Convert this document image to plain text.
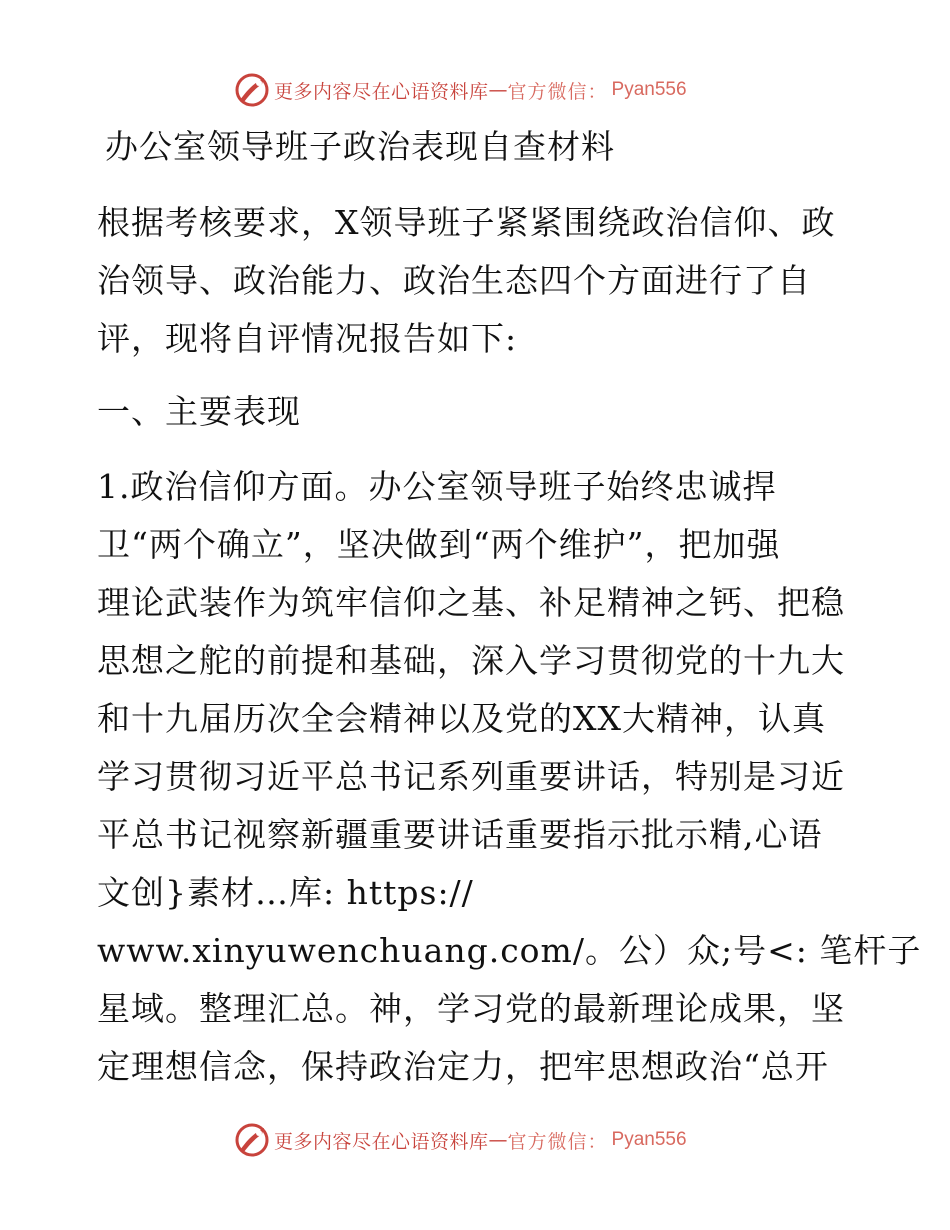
更多内容尽在心语资料库 — 官方微信： Pyan556
办公室领导班子政治表现自查材料
根据考核要求，X领导班子紧紧围绕政治信仰、政
治领导、政治能力、政治生态四个方面进行了自
评，现将自评情况报告如下:
一、主要表现
1.政治信仰方面。办公室领导班子始终忠诚捍
卫“两个确立”，坚决做到“两个维护”，把加强
理论武装作为筑牢信仰之基、补足精神之钙、把稳
思想之舵的前提和基础，深入学习贯彻党的十九大
和十九届历次全会精神以及党的XX大精神，认真
学习贯彻习近平总书记系列重要讲话，特别是习近
平总书记视察新疆重要讲话重要指示批示精,心语
文创}素材…库: https://
www.xinyuwenchuang.com/。公）众;号<: 笔杆子
星域。整理汇总。神，学习党的最新理论成果，坚
定理想信念，保持政治定力，把牢思想政治“总开
更多内容尽在心语资料库 — 官方微信： Pyan556
